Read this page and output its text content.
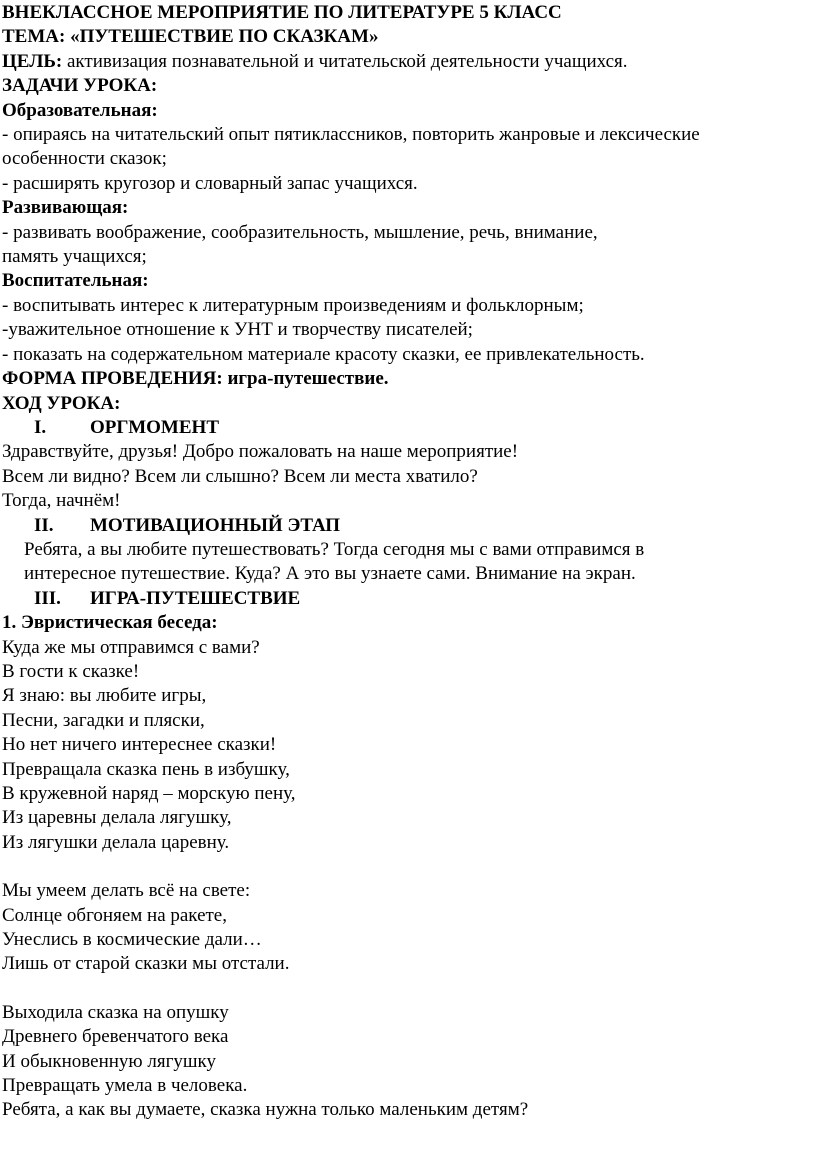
ВНЕКЛАССНОЕ МЕРОПРИЯТИЕ ПО ЛИТЕРАТУРЕ 5 КЛАСС
ТЕМА: «ПУТЕШЕСТВИЕ ПО СКАЗКАМ»
ЦЕЛЬ: активизация познавательной и читательской деятельности учащихся.
ЗАДАЧИ УРОКА:
Образовательная:
- опираясь на читательский опыт пятиклассников, повторить жанровые и лексические
особенности сказок;
- расширять кругозор и словарный запас учащихся.
Развивающая:
- развивать воображение, сообразительность, мышление, речь, внимание,
память учащихся;
Воспитательная:
- воспитывать интерес к литературным произведениям и фольклорным;
-уважительное отношение к УНТ и творчеству писателей;
- показать на содержательном материале красоту сказки, ее привлекательность.
ФОРМА ПРОВЕДЕНИЯ: игра-путешествие.
ХОД УРОКА:
I.	ОРГМОМЕНТ
Здравствуйте, друзья! Добро пожаловать на наше мероприятие!
Всем ли видно? Всем ли слышно? Всем ли места хватило?
Тогда, начнём!
II.	МОТИВАЦИОННЫЙ ЭТАП
Ребята, а вы любите путешествовать? Тогда сегодня мы с вами отправимся в
интересное путешествие. Куда? А это вы узнаете сами. Внимание на экран.
III.	ИГРА-ПУТЕШЕСТВИЕ
1. Эвристическая беседа:
Куда же мы отправимся с вами?
В гости к сказке!
Я знаю: вы любите игры,
Песни, загадки и пляски,
Но нет ничего интереснее сказки!
Превращала сказка пень в избушку,
В кружевной наряд – морскую пену,
Из царевны делала лягушку,
Из лягушки делала царевну.
Мы умеем делать всё на свете:
Солнце обгоняем на ракете,
Унеслись в космические дали…
Лишь от старой сказки мы отстали.
Выходила сказка на опушку
Древнего бревенчатого века
И обыкновенную лягушку
Превращать умела в человека.
Ребята, а как вы думаете, сказка нужна только маленьким детям?
